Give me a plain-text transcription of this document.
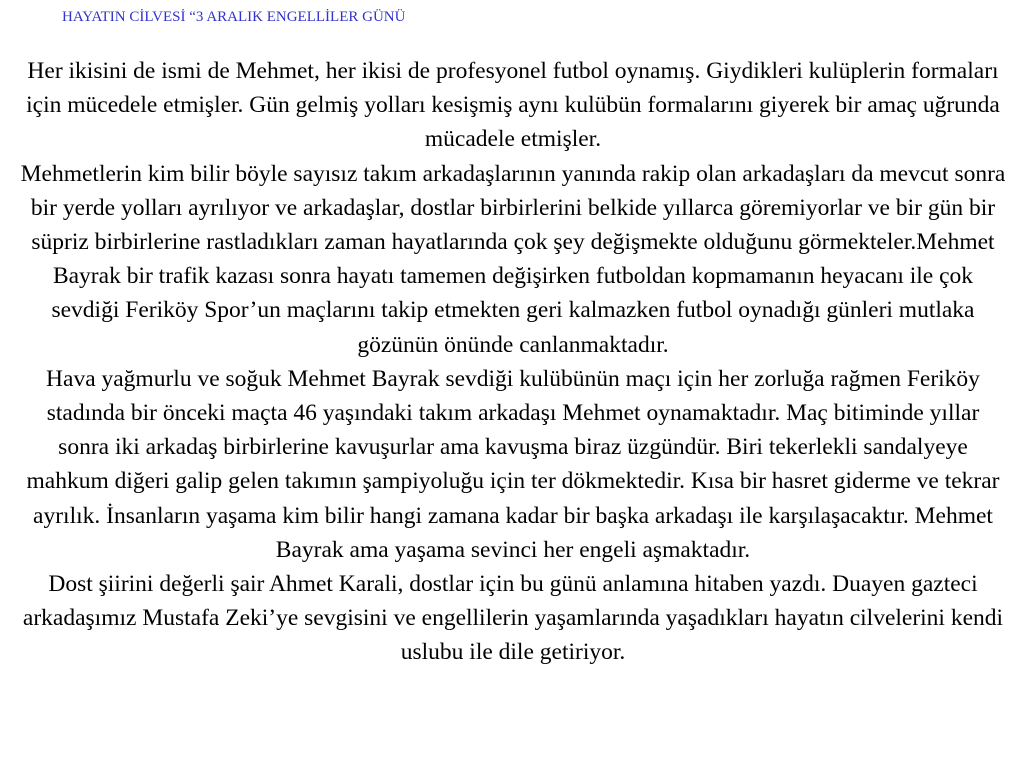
HAYATIN CİLVESİ “3 ARALIK ENGELLİLER GÜNÜ

Her ikisini de ismi de Mehmet, her ikisi de profesyonel futbol oynamış. Giydikleri kulüplerin formaları için mücedele etmişler. Gün gelmiş yolları kesişmiş aynı kulübün formalarını giyerek bir amaç uğrunda mücadele etmişler.

Mehmetlerin kim bilir böyle sayısız takım arkadaşlarının yanında rakip olan arkadaşları da mevcut sonra bir yerde yolları ayrılıyor ve arkadaşlar, dostlar birbirlerini belkide yıllarca göremiyorlar ve bir gün bir süpriz birbirlerine rastladıkları zaman hayatlarında çok şey değişmekte olduğunu görmekteler.Mehmet Bayrak bir trafik kazası sonra hayatı tamemen değişirken futboldan kopmamanın heyacanı ile çok sevdiği Feriköy Spor’un maçlarını takip etmekten geri kalmazken futbol oynadığı günleri mutlaka gözünün önünde canlanmaktadır.

Hava yağmurlu ve soğuk Mehmet Bayrak sevdiği kulübünün maçı için her zorluğa rağmen Feriköy stadında bir önceki maçta 46 yaşındaki takım arkadaşı Mehmet oynamaktadır. Maç bitiminde yıllar sonra iki arkadaş birbirlerine kavuşurlar ama kavuşma biraz üzgündür. Biri tekerlekli sandalyeye mahkum diğeri galip gelen takımın şampiyoluğu için ter dökmektedir. Kısa bir hasret giderme ve tekrar ayrılık. İnsanların yaşama kim bilir hangi zamana kadar bir başka arkadaşı ile karşılaşacaktır. Mehmet Bayrak ama yaşama sevinci her engeli aşmaktadır.

Dost şiirini değerli şair Ahmet Karali, dostlar için bu günü anlamına hitaben yazdı. Duayen gazteci arkadaşımız Mustafa Zeki’ye sevgisini ve engellilerin yaşamlarında yaşadıkları hayatın cilvelerini kendi uslubu ile dile getiriyor.
